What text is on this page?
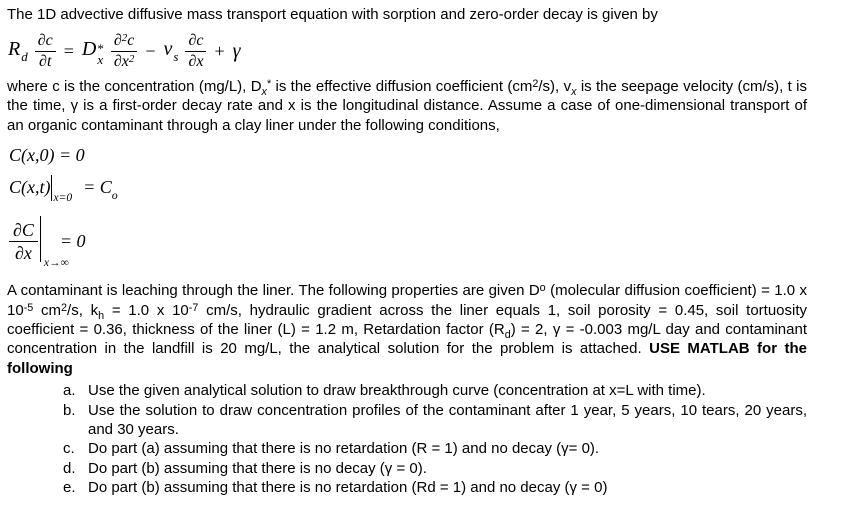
The 1D advective diffusive mass transport equation with sorption and zero-order decay is given by

Rd $\frac{\partial c}{\partial t} = D$ *
x $\frac{\partial^2c}{\partial x^2}$ − vs $\frac{\partial c}{\partial x} + \gamma$

where c is the concentration (mg/L), $D_x^*$ is the effective diffusion coefficient $(cm^2/s)$, $v_x$ is the seepage velocity (cm/s), t is the time, γ is a first-order decay rate and x is the longitudinal distance. Assume a case of one-dimensional transport of an organic contaminant through a clay liner under the following conditions,

C(x,0) = 0
$C(x,t)_{x=0}= C_o$
$\frac{\partial C}{\partial x}$
x→∞
= 0

A contaminant is leaching through the liner. The following properties are given $D^o$ (molecular diffusion coefficient) = 1.0 x $10^{-5}$ $cm^2/s$, $k_h = 1.0$ x $10^{-7}$ cm/s, hydraulic gradient across the liner equals 1, soil porosity = 0.45, soil tortuosity coefficient = 0.36, thickness of the liner (L) = 1.2 m, Retardation factor $(R_d) = 2$, γ = -0.003 mg/L day and contaminant concentration in the landfill is 20 mg/L, the analytical solution for the problem is attached. USE MATLAB for the following

a. Use the given analytical solution to draw breakthrough curve (concentration at x=L with time).
b. Use the solution to draw concentration profiles of the contaminant after 1 year, 5 years, 10 tears, 20 years, and 30 years.
c. Do part (a) assuming that there is no retardation (R = 1) and no decay (γ= 0).
d. Do part (b) assuming that there is no decay (γ = 0).
e. Do part (b) assuming that there is no retardation (Rd = 1) and no decay (γ = 0)
